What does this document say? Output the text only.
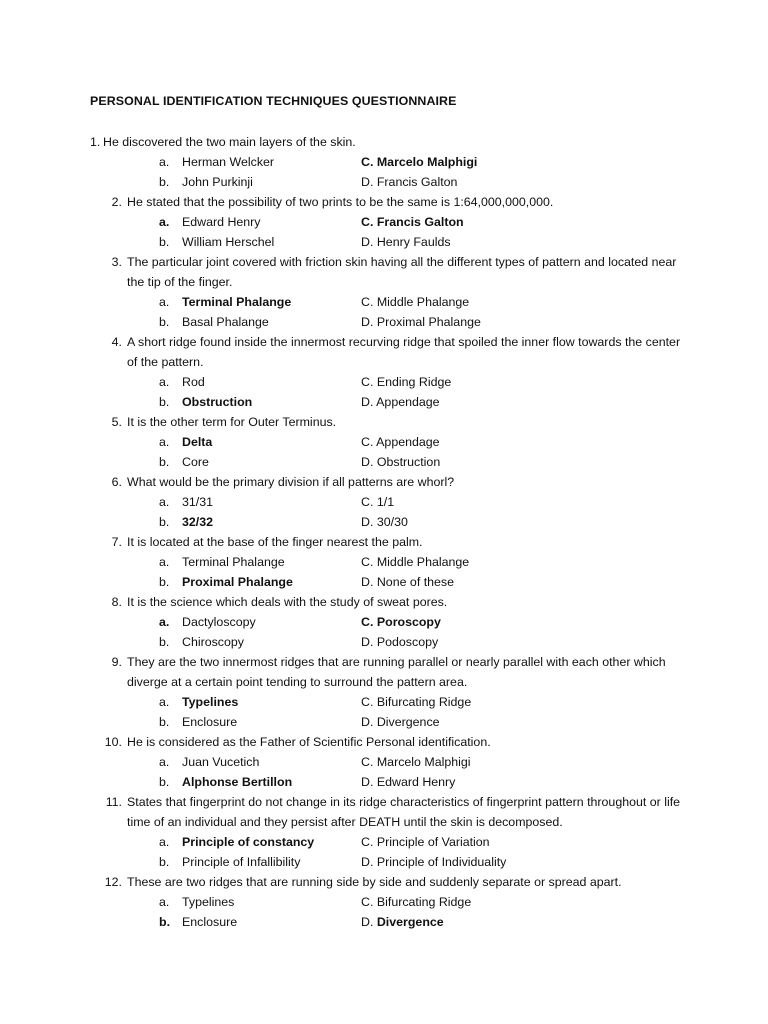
PERSONAL IDENTIFICATION TECHNIQUES QUESTIONNAIRE
1. He discovered the two main layers of the skin.
a. Herman Welcker	C. Marcelo Malphigi
b. John Purkinji	D. Francis Galton
2. He stated that the possibility of two prints to be the same is 1:64,000,000,000.
a. Edward Henry	C. Francis Galton
b. William Herschel	D. Henry Faulds
3. The particular joint covered with friction skin having all the different types of pattern and located near the tip of the finger.
a. Terminal Phalange	C. Middle Phalange
b. Basal Phalange	D. Proximal Phalange
4. A short ridge found inside the innermost recurving ridge that spoiled the inner flow towards the center of the pattern.
a. Rod	C. Ending Ridge
b. Obstruction	D. Appendage
5. It is the other term for Outer Terminus.
a. Delta	C. Appendage
b. Core	D. Obstruction
6. What would be the primary division if all patterns are whorl?
a. 31/31	C. 1/1
b. 32/32	D. 30/30
7. It is located at the base of the finger nearest the palm.
a. Terminal Phalange	C. Middle Phalange
b. Proximal Phalange	D. None of these
8. It is the science which deals with the study of sweat pores.
a. Dactyloscopy	C. Poroscopy
b. Chiroscopy	D. Podoscopy
9. They are the two innermost ridges that are running parallel or nearly parallel with each other which diverge at a certain point tending to surround the pattern area.
a. Typelines	C. Bifurcating Ridge
b. Enclosure	D. Divergence
10. He is considered as the Father of Scientific Personal identification.
a. Juan Vucetich	C. Marcelo Malphigi
b. Alphonse Bertillon	D. Edward Henry
11. States that fingerprint do not change in its ridge characteristics of fingerprint pattern throughout or life time of an individual and they persist after DEATH until the skin is decomposed.
a. Principle of constancy	C. Principle of Variation
b. Principle of Infallibility	D. Principle of Individuality
12. These are two ridges that are running side by side and suddenly separate or spread apart.
a. Typelines	C. Bifurcating Ridge
b. Enclosure	D. Divergence
